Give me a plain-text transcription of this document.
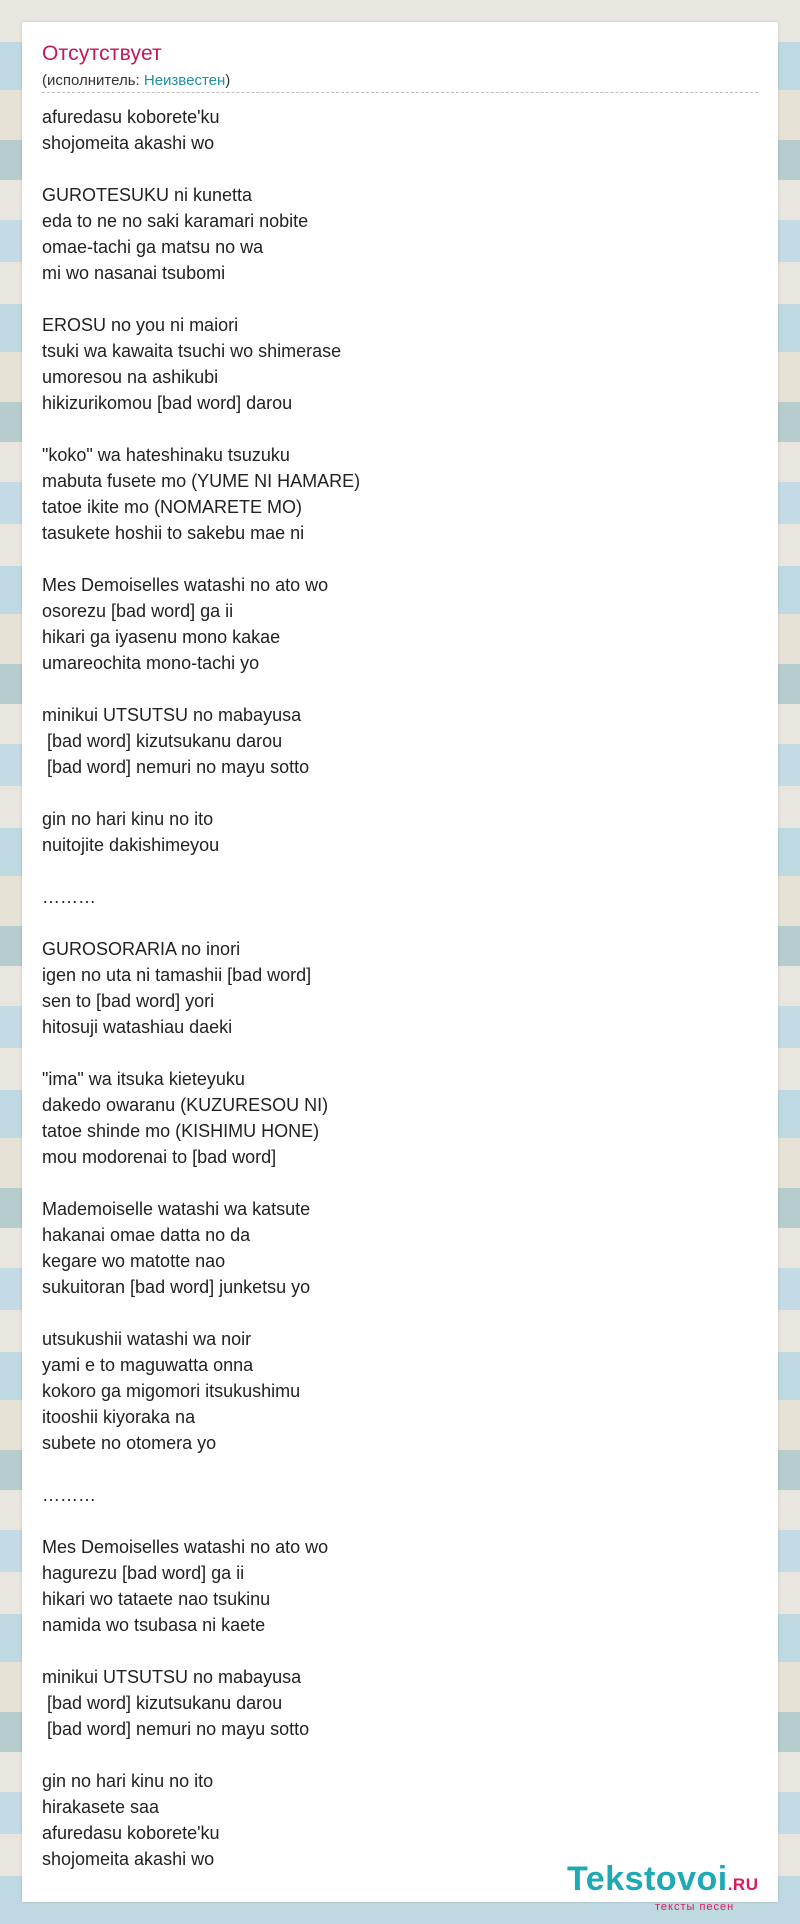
Отсутствует
(исполнитель: Неизвестен)
afuredasu koborete'ku
shojomeita akashi wo
GUROTESUKU ni kunetta
eda to ne no saki karamari nobite
omae-tachi ga matsu no wa
mi wo nasanai tsubomi
EROSU no you ni maiori
tsuki wa kawaita tsuchi wo shimerase
umoresou na ashikubi
hikizurikomou [bad word] darou
"koko" wa hateshinaku tsuzuku
mabuta fusete mo (YUME NI HAMARE)
tatoe ikite mo (NOMARETE MO)
tasukete hoshii to sakebu mae ni
Mes Demoiselles watashi no ato wo
osorezu [bad word] ga ii
hikari ga iyasenu mono kakae
umareochita mono-tachi yo
minikui UTSUTSU no mabayusa
[bad word] kizutsukanu darou
[bad word] nemuri no mayu sotto
gin no hari kinu no ito
nuitojite dakishimeyou
………
GUROSORARIA no inori
igen no uta ni tamashii [bad word]
sen to [bad word] yori
hitosuji watashiau daeki
"ima" wa itsuka kieteyuku
dakedo owaranu (KUZURESOU NI)
tatoe shinde mo (KISHIMU HONE)
mou modorenai to [bad word]
Mademoiselle watashi wa katsute
hakanai omae datta no da
kegare wo matotte nao
sukuitoran [bad word] junketsu yo
utsukushii watashi wa noir
yami e to maguwatta onna
kokoro ga migomori itsukushimu
itooshii kiyoraka na
subete no otomera yo
………
Mes Demoiselles watashi no ato wo
hagurezu [bad word] ga ii
hikari wo tataete nao tsukinu
namida wo tsubasa ni kaete
minikui UTSUTSU no mabayusa
[bad word] kizutsukanu darou
[bad word] nemuri no mayu sotto
gin no hari kinu no ito
hirakasete saa
afuredasu koborete'ku
shojomeita akashi wo
Tekstovoi.RU
тексты песен
